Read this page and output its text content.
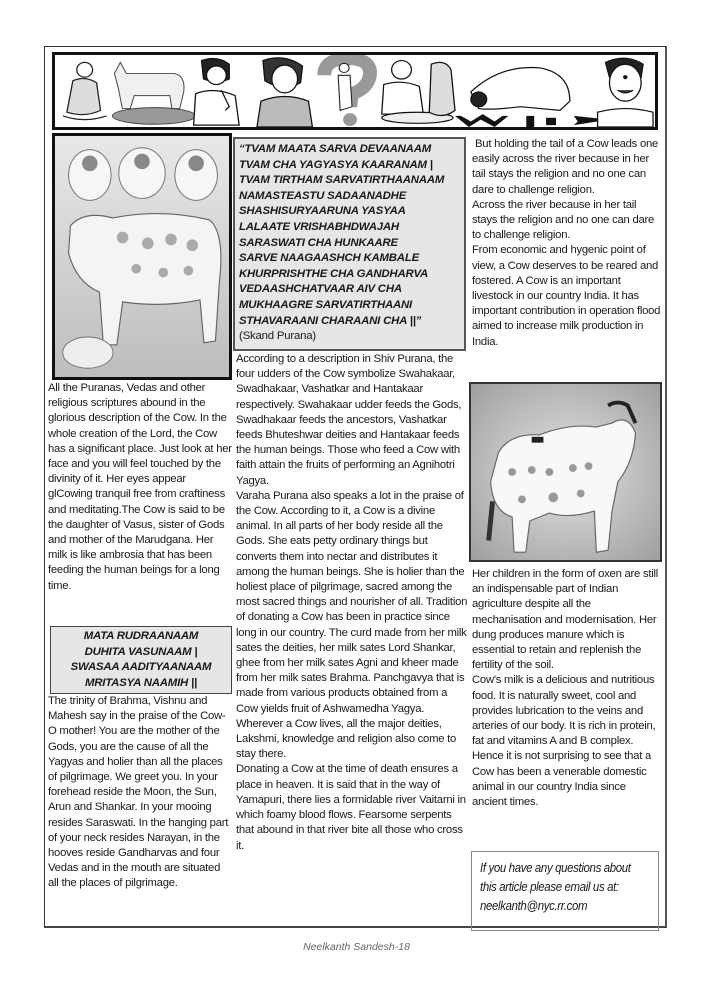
All the Puranas, Vedas and other religious scriptures abound in the glorious description of the Cow. In the whole creation of the Lord, the Cow has a significant place. Just look at her face and you will feel touched by the divinity of it. Her eyes appear glCowing tranquil free from craftiness and meditating.The Cow is said to be the daughter of Vasus, sister of Gods and mother of the Marudgana. Her milk is like ambrosia that has been feeding the human beings for a long time.

MATA RUDRAANAAM
DUHITA VASUNAAM |
SWASAA AADITYAANAAM
MRITASYA NAAMIH ||

The trinity of Brahma, Vishnu and Mahesh say in the praise of the Cow- O mother! You are the mother of the Gods, you are the cause of all the Yagyas and holier than all the places of pilgrimage. We greet you. In your forehead reside the Moon, the Sun, Arun and Shankar. In your mooing resides Saraswati. In the hanging part of your neck resides Narayan, in the hooves reside Gandharvas and four Vedas and in the mouth are situated all the places of pilgrimage.

“TVAM MAATA SARVA DEVAANAAM
TVAM CHA YAGYASYA KAARANAM |
TVAM TIRTHAM SARVATIRTHAANAAM
NAMASTEASTU SADAANADHE
SHASHISURYAARUNA YASYAA
LALAATE VRISHABHDWAJAH
SARASWATI CHA HUNKAARE
SARVE NAAGAASHCH KAMBALE
KHURPRISHTHE CHA GANDHARVA
VEDAASHCHATVAAR AIV CHA
MUKHAAGRE SARVATIRTHAANI
STHAVARAANI CHARAANI CHA ||”
(Skand Purana)

According to a description in Shiv Purana, the four udders of the Cow symbolize Swahakaar, Swadhakaar, Vashatkar and Hantakaar respectively. Swahakaar udder feeds the Gods, Swadhakaar feeds the ancestors, Vashatkar feeds Bhuteshwar deities and Hantakaar feeds the human beings. Those who feed a Cow with faith attain the fruits of performing an Agnihotri Yagya.

Varaha Purana also speaks a lot in the praise of the Cow. According to it, a Cow is a divine animal. In all parts of her body reside all the Gods. She eats petty ordinary things but converts them into nectar and distributes it among the human beings. She is holier than the holiest place of pilgrimage, sacred among the most sacred things and nourisher of all. Tradition of donating a Cow has been in practice since long in our country. The curd made from her milk sates the deities, her milk sates Lord Shankar, ghee from her milk sates Agni and kheer made from her milk sates Brahma. Panchgavya that is made from various products obtained from a Cow yields fruit of Ashwamedha Yagya. Wherever a Cow lives, all the major deities, Lakshmi, knowledge and religion also come to stay there.

Donating a Cow at the time of death ensures a place in heaven. It is said that in the way of Yamapuri, there lies a formidable river Vaitarni in which foamy blood flows. Fearsome serpents that abound in that river bite all those who cross it.

But holding the tail of a Cow leads one easily across the river because in her tail stays the religion and no one can dare to challenge religion.

Across the river because in her tail stays the religion and no one can dare to challenge religion.

From economic and hygenic point of view, a Cow deserves to be reared and fostered. A Cow is an important livestock in our country India. It has important contribution in operation flood aimed to increase milk production in India.

Her children in the form of oxen are still an indispensable part of Indian agriculture despite all the mechanisation and modernisation. Her dung produces manure which is essential to retain and replenish the fertility of the soil.

Cow's milk is a delicious and nutritious food. It is naturally sweet, cool and provides lubrication to the veins and arteries of our body. It is rich in protein, fat and vitamins A and B complex. Hence it is not surprising to see that a Cow has been a venerable domestic animal in our country India since ancient times.

If you have any questions about
this article please email us at:
neelkanth@nyc.rr.com
Neelkanth Sandesh-18
